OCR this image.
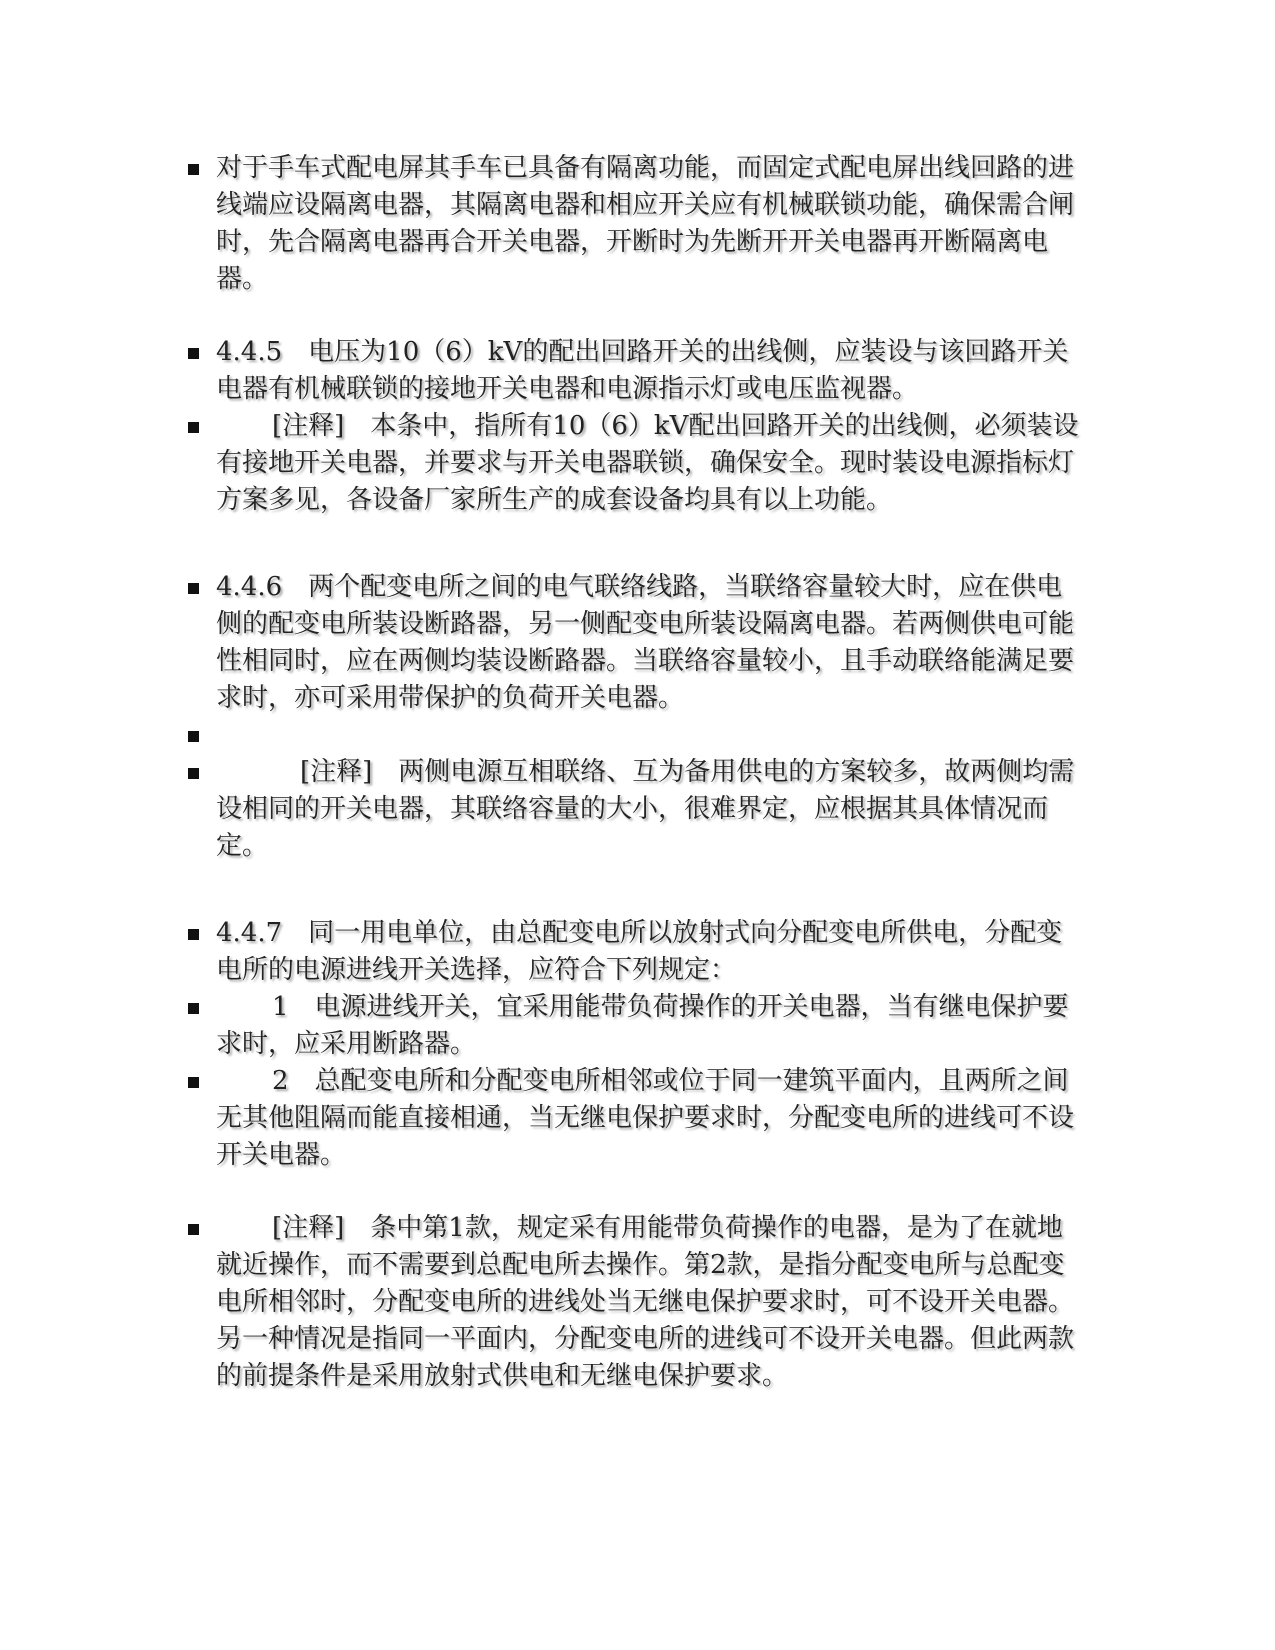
对于手车式配电屏其手车已具备有隔离功能，而固定式配电屏出线回路的进线端应设隔离电器，其隔离电器和相应开关应有机械联锁功能，确保需合闸时，先合隔离电器再合开关电器，开断时为先断开开关电器再开断隔离电器。
4.4.5　电压为10（6）kV的配出回路开关的出线侧，应装设与该回路开关电器有机械联锁的接地开关电器和电源指示灯或电压监视器。
[注释]　本条中，指所有10（6）kV配出回路开关的出线侧，必须装设有接地开关电器，并要求与开关电器联锁，确保安全。现时装设电源指标灯方案多见，各设备厂家所生产的成套设备均具有以上功能。
4.4.6　两个配变电所之间的电气联络线路，当联络容量较大时，应在供电侧的配变电所装设断路器，另一侧配变电所装设隔离电器。若两侧供电可能性相同时，应在两侧均装设断路器。当联络容量较小，且手动联络能满足要求时，亦可采用带保护的负荷开关电器。
[注释]　两侧电源互相联络、互为备用供电的方案较多，故两侧均需设相同的开关电器，其联络容量的大小，很难界定，应根据其具体情况而定。
4.4.7　同一用电单位，由总配变电所以放射式向分配变电所供电，分配变电所的电源进线开关选择，应符合下列规定：
1　电源进线开关，宜采用能带负荷操作的开关电器，当有继电保护要求时，应采用断路器。
2　总配变电所和分配变电所相邻或位于同一建筑平面内，且两所之间无其他阻隔而能直接相通，当无继电保护要求时，分配变电所的进线可不设开关电器。
[注释]　条中第1款，规定采有用能带负荷操作的电器，是为了在就地就近操作，而不需要到总配电所去操作。第2款，是指分配变电所与总配变电所相邻时，分配变电所的进线处当无继电保护要求时，可不设开关电器。另一种情况是指同一平面内，分配变电所的进线可不设开关电器。但此两款的前提条件是采用放射式供电和无继电保护要求。
